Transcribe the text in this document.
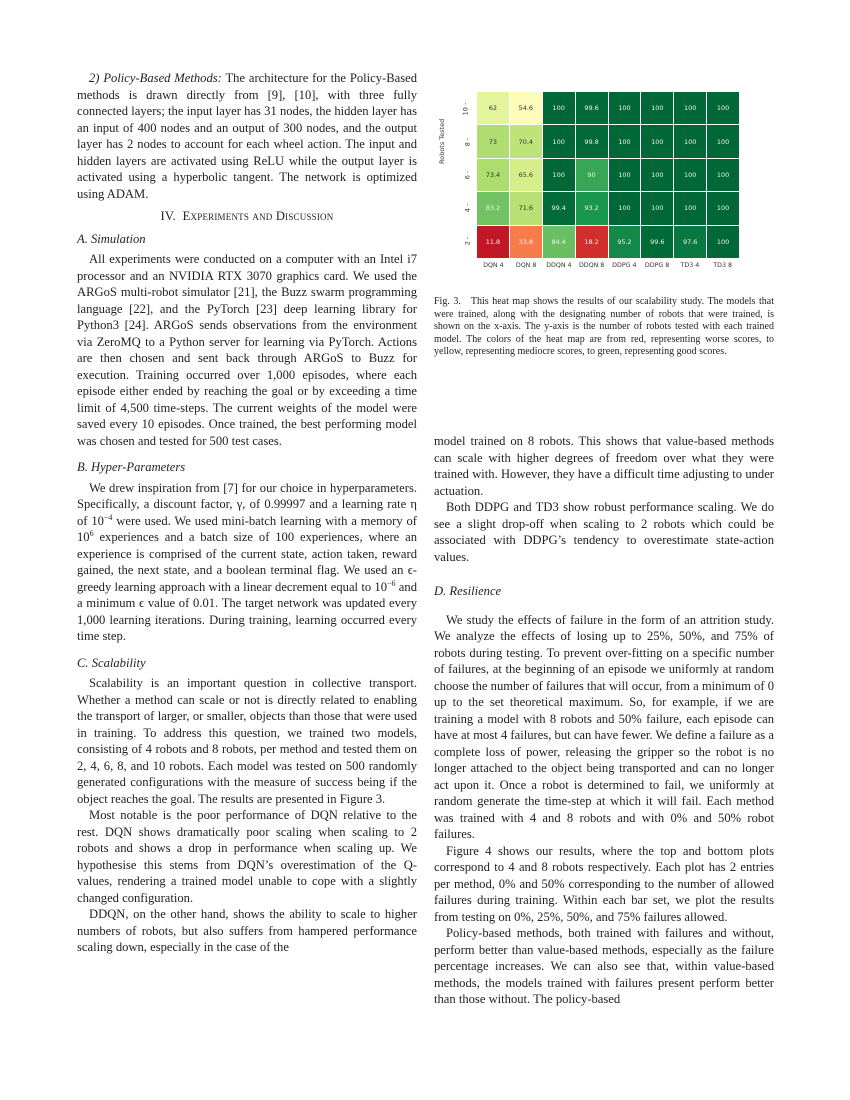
2) Policy-Based Methods: The architecture for the Policy-Based methods is drawn directly from [9], [10], with three fully connected layers; the input layer has 31 nodes, the hidden layer has an input of 400 nodes and an output of 300 nodes, and the output layer has 2 nodes to account for each wheel action. The input and hidden layers are activated using ReLU while the output layer is activated using a hyperbolic tangent. The network is optimized using ADAM.

IV. Experiments and Discussion
A. Simulation

All experiments were conducted on a computer with an Intel i7 processor and an NVIDIA RTX 3070 graphics card. We used the ARGoS multi-robot simulator [21], the Buzz swarm programming language [22], and the PyTorch [23] deep learning library for Python3 [24]. ARGoS sends observations from the environment via ZeroMQ to a Python server for learning via PyTorch. Actions are then chosen and sent back through ARGoS to Buzz for execution. Training occurred over 1,000 episodes, where each episode either ended by reaching the goal or by exceeding a time limit of 4,500 time-steps. The current weights of the model were saved every 10 episodes. Once trained, the best performing model was chosen and tested for 500 test cases.

B. Hyper-Parameters

We drew inspiration from [7] for our choice in hyperparameters. Specifically, a discount factor, γ, of 0.99997 and a learning rate η of $10^{-4}$ were used. We used mini-batch learning with a memory of $10^6$ experiences and a batch size of 100 experiences, where an experience is comprised of the current state, action taken, reward gained, the next state, and a boolean terminal flag. We used an ϵ-greedy learning approach with a linear decrement equal to $10^{-6}$ and a minimum ϵ value of 0.01. The target network was updated every 1,000 learning iterations. During training, learning occurred every time step.

C. Scalability

Scalability is an important question in collective transport. Whether a method can scale or not is directly related to enabling the transport of larger, or smaller, objects than those that were used in training. To address this question, we trained two models, consisting of 4 robots and 8 robots, per method and tested them on 2, 4, 6, 8, and 10 robots. Each model was tested on 500 randomly generated configurations with the measure of success being if the object reaches the goal. The results are presented in Figure 3.

Most notable is the poor performance of DQN relative to the rest. DQN shows dramatically poor scaling when scaling to 2 robots and shows a drop in performance when scaling up. We hypothesise this stems from DQN’s overestimation of the Q-values, rendering a trained model unable to cope with a slightly changed configuration.

DDQN, on the other hand, shows the ability to scale to higher numbers of robots, but also suffers from hampered performance scaling down, especially in the case of the

Robots Tested
10 -
8 -
6 -
4 -
2 -
62	54.6	100	99.6	100	100	100	100
73	70.4	100	99.8	100	100	100	100
73.4	65.6	100	90	100	100	100	100
83.2	71.6	99.4	93.2	100	100	100	100
11.8	33.8	84.4	18.2	95.2	99.6	97.6	100
DQN 4	DQN 8	DDQN 4	DDQN 8	DDPG 4	DDPG 8	TD3 4	TD3 8
Fig. 3. This heat map shows the results of our scalability study. The models that were trained, along with the designating number of robots that were trained, is shown on the x-axis. The y-axis is the number of robots tested with each trained model. The colors of the heat map are from red, representing worse scores, to yellow, representing mediocre scores, to green, representing good scores.

model trained on 8 robots. This shows that value-based methods can scale with higher degrees of freedom over what they were trained with. However, they have a difficult time adjusting to under actuation.

Both DDPG and TD3 show robust performance scaling. We do see a slight drop-off when scaling to 2 robots which could be associated with DDPG’s tendency to overestimate state-action values.

D. Resilience

We study the effects of failure in the form of an attrition study. We analyze the effects of losing up to 25%, 50%, and 75% of robots during testing. To prevent over-fitting on a specific number of failures, at the beginning of an episode we uniformly at random choose the number of failures that will occur, from a minimum of 0 up to the set theoretical maximum. So, for example, if we are training a model with 8 robots and 50% failure, each episode can have at most 4 failures, but can have fewer. We define a failure as a complete loss of power, releasing the gripper so the robot is no longer attached to the object being transported and can no longer act upon it. Once a robot is determined to fail, we uniformly at random generate the time-step at which it will fail. Each method was trained with 4 and 8 robots and with 0% and 50% robot failures.

Figure 4 shows our results, where the top and bottom plots correspond to 4 and 8 robots respectively. Each plot has 2 entries per method, 0% and 50% corresponding to the number of allowed failures during training. Within each bar set, we plot the results from testing on 0%, 25%, 50%, and 75% failures allowed.

Policy-based methods, both trained with failures and without, perform better than value-based methods, especially as the failure percentage increases. We can also see that, within value-based methods, the models trained with failures present perform better than those without. The policy-based
